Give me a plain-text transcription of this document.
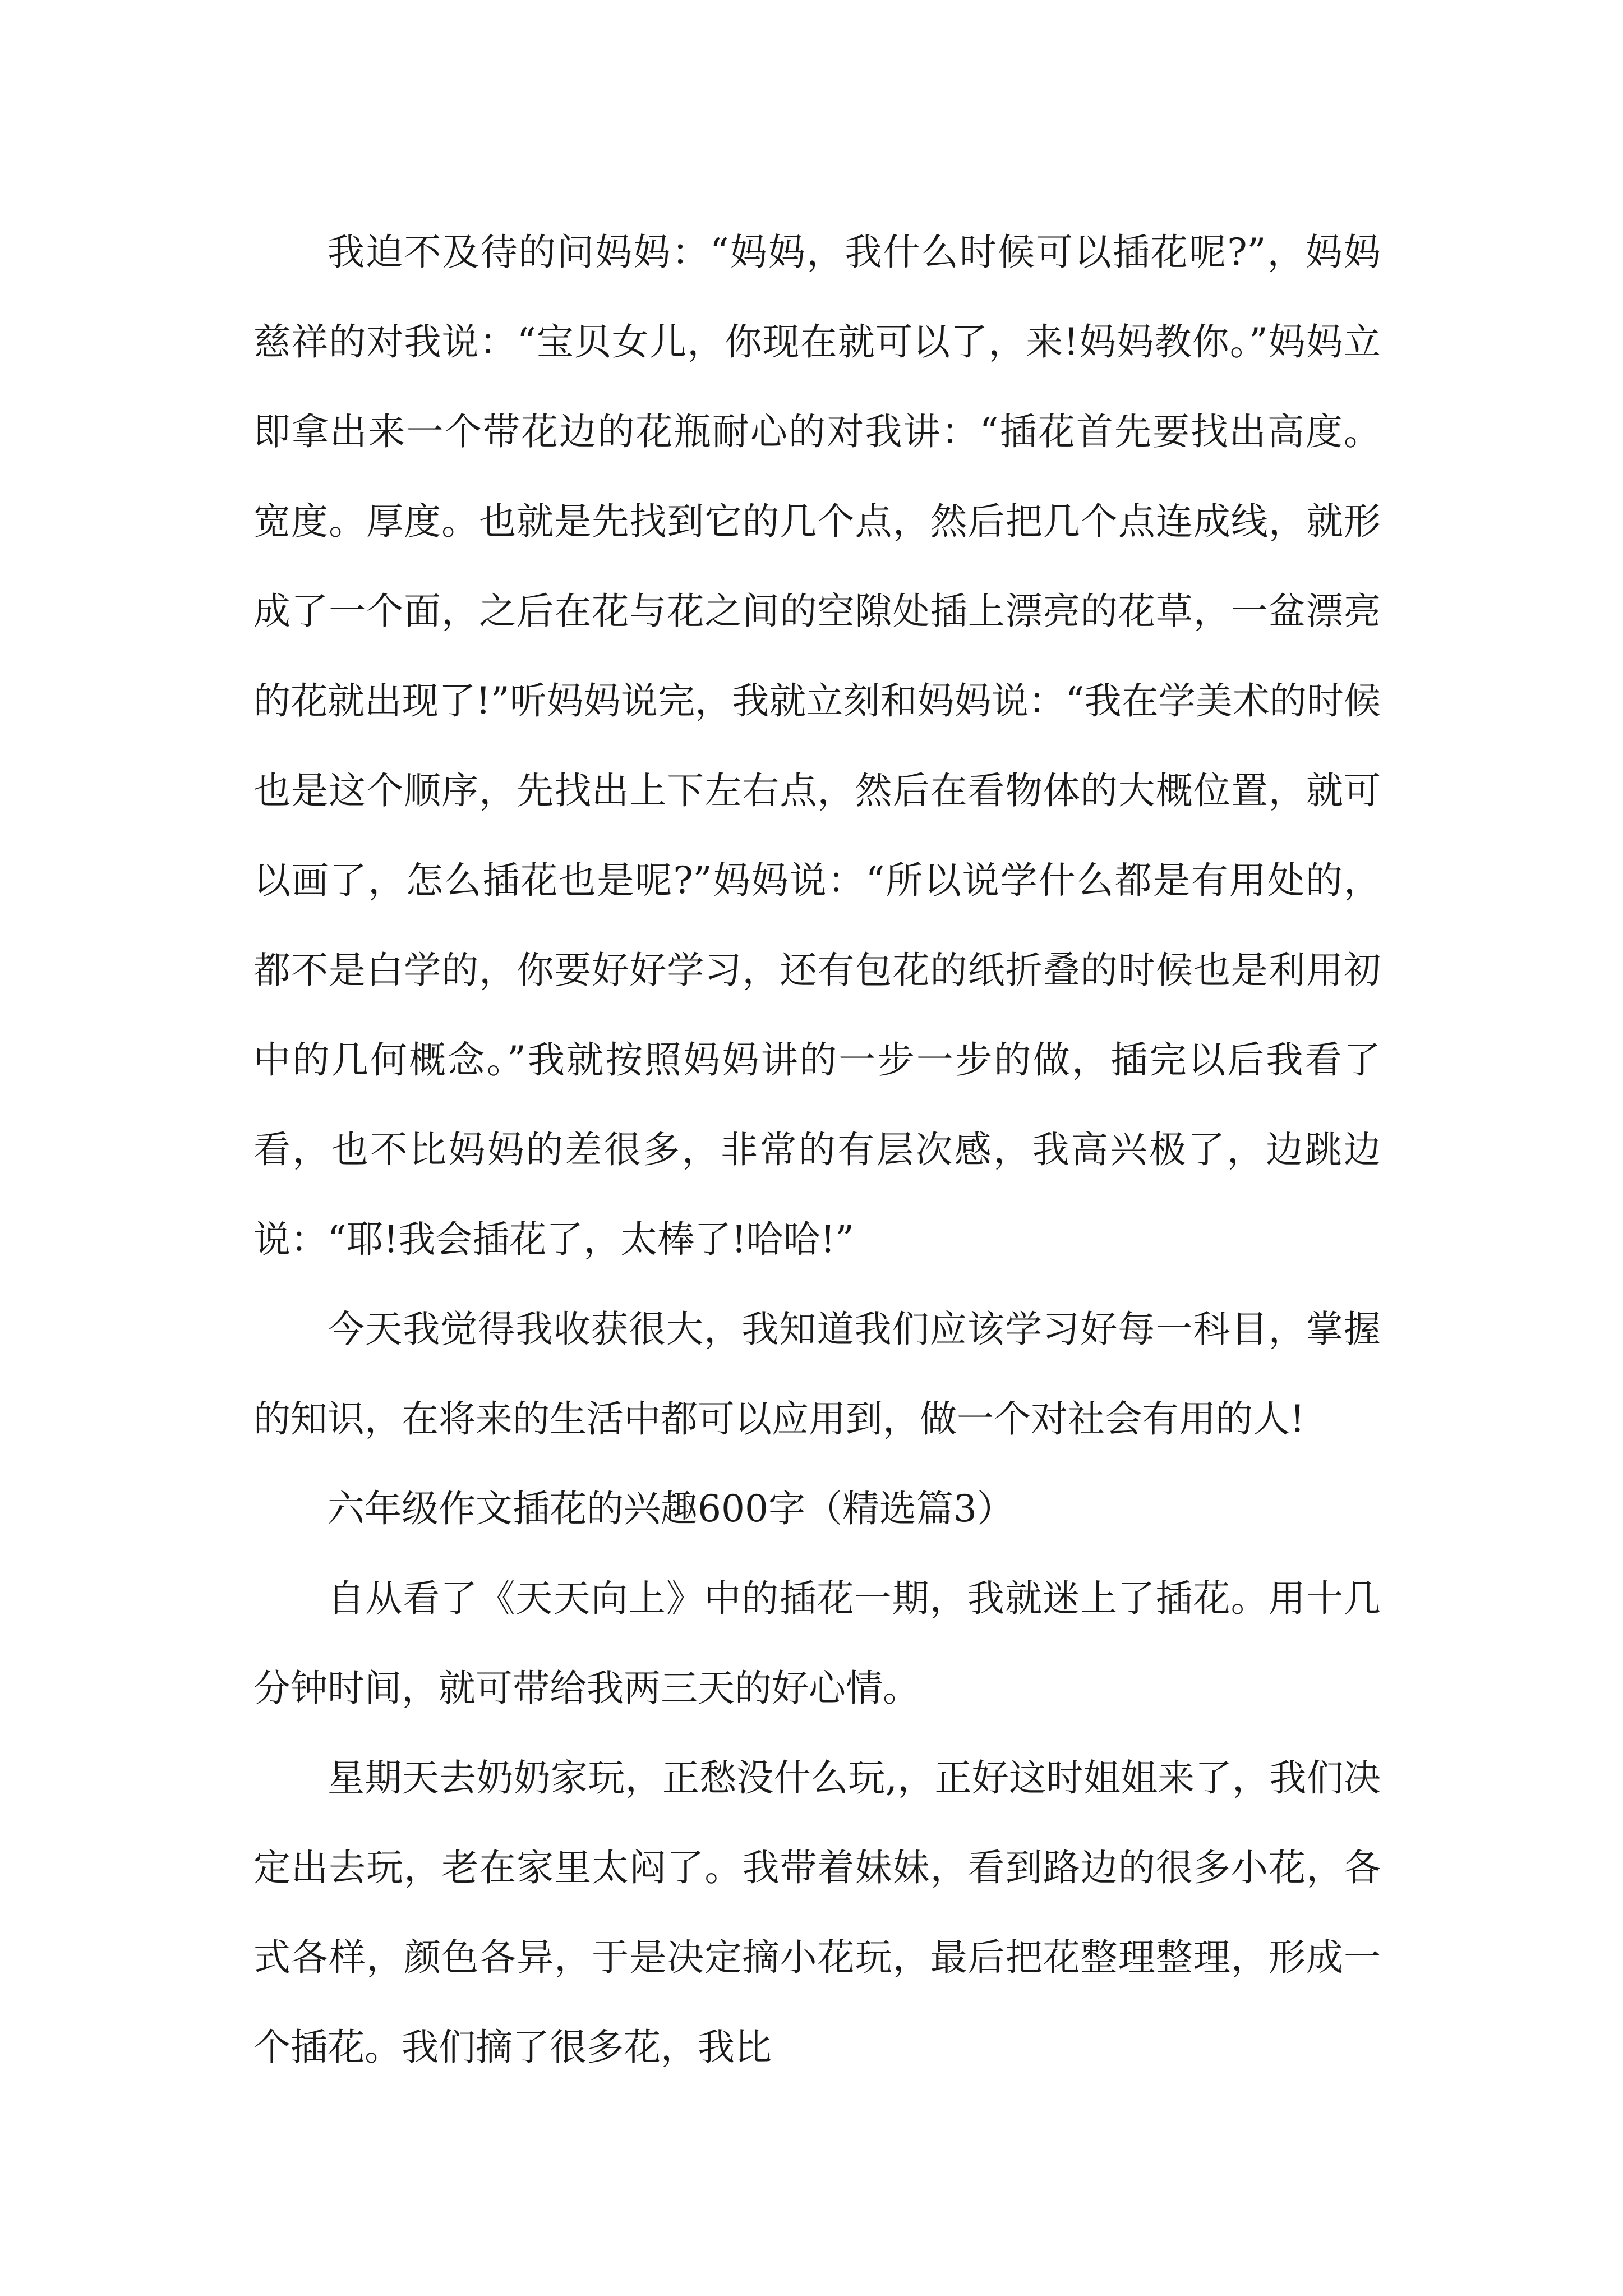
我迫不及待的问妈妈：“妈妈，我什么时候可以插花呢?”，妈妈慈祥的对我说：“宝贝女儿，你现在就可以了，来!妈妈教你。”妈妈立即拿出来一个带花边的花瓶耐心的对我讲：“插花首先要找出高度。宽度。厚度。也就是先找到它的几个点，然后把几个点连成线，就形成了一个面，之后在花与花之间的空隙处插上漂亮的花草，一盆漂亮的花就出现了!”听妈妈说完，我就立刻和妈妈说：“我在学美术的时候也是这个顺序，先找出上下左右点，然后在看物体的大概位置，就可以画了，怎么插花也是呢?”妈妈说：“所以说学什么都是有用处的，都不是白学的，你要好好学习，还有包花的纸折叠的时候也是利用初中的几何概念。”我就按照妈妈讲的一步一步的做，插完以后我看了看，也不比妈妈的差很多，非常的有层次感，我高兴极了，边跳边说：“耶!我会插花了，太棒了!哈哈!”

今天我觉得我收获很大，我知道我们应该学习好每一科目，掌握的知识，在将来的生活中都可以应用到，做一个对社会有用的人!

六年级作文插花的兴趣600字（精选篇3）

自从看了《天天向上》中的插花一期，我就迷上了插花。用十几分钟时间，就可带给我两三天的好心情。

星期天去奶奶家玩，正愁没什么玩,，正好这时姐姐来了，我们决定出去玩，老在家里太闷了。我带着妹妹，看到路边的很多小花，各式各样，颜色各异，于是决定摘小花玩，最后把花整理整理，形成一个插花。我们摘了很多花，我比
